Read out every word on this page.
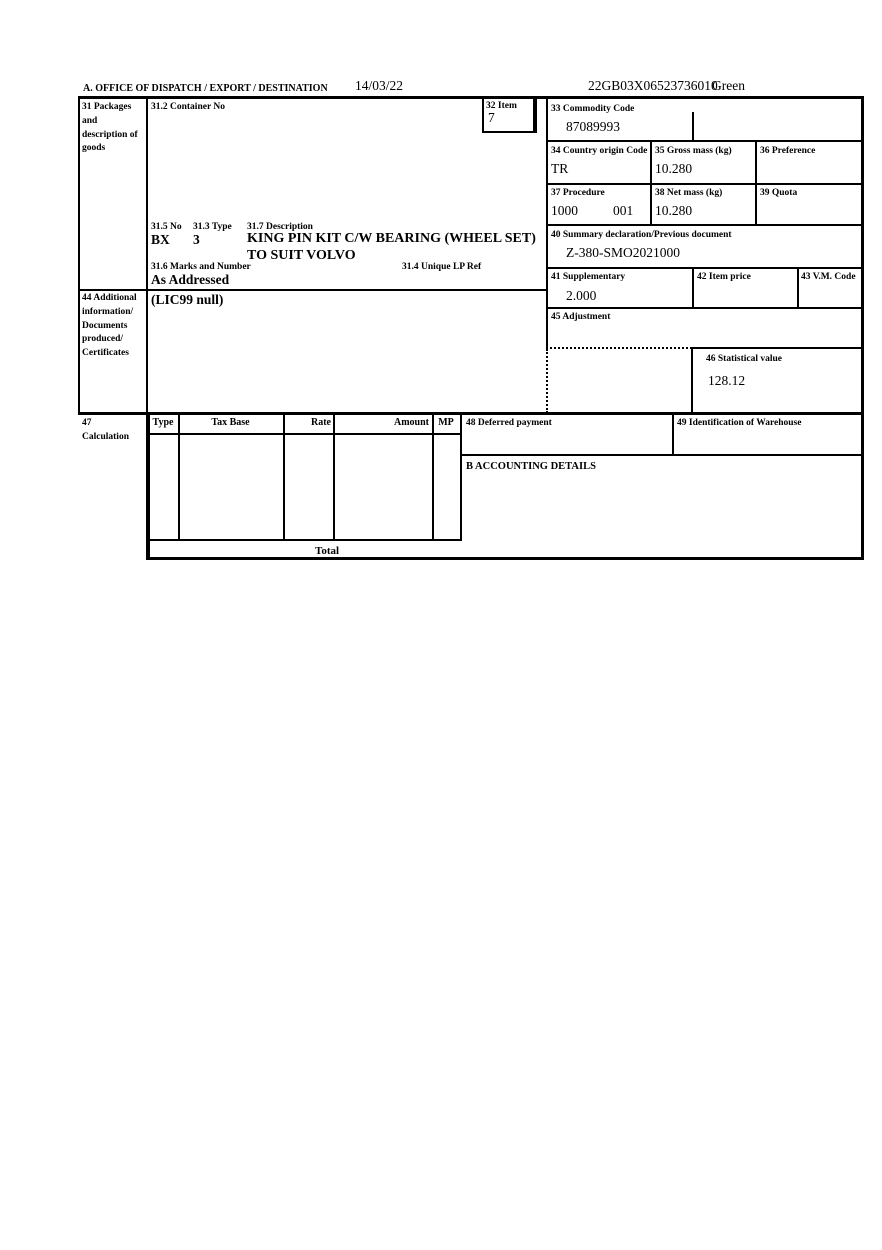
A. OFFICE OF DISPATCH / EXPORT / DESTINATION 14/03/22	22GB03X06523736010
Green
31 Packages and description of goods
31.2 Container No	32 Item
7
31.5 No 31.3 Type 31.7 Description
BX 3	KING PIN KIT C/W BEARING (WHEEL SET) TO SUIT VOLVO
31.6 Marks and Number	31.4 Unique LP Ref
As Addressed
33 Commodity Code
87089993
34 Country origin Code
TR
35 Gross mass (kg)
10.280
36 Preference
37 Procedure
1000	001
38 Net mass (kg)
10.280
39 Quota
40 Summary declaration/Previous document
Z-380-SMO2021000
41 Supplementary
2.000
42 Item price	43 V.M. Code
45 Adjustment
46 Statistical value
128.12
44 Additional information/ Documents produced/ Certificates
(LIC99 null)
47 Calculation
Type	Tax Base	Rate	Amount MP
Total
48 Deferred payment	49 Identification of Warehouse
B ACCOUNTING DETAILS
